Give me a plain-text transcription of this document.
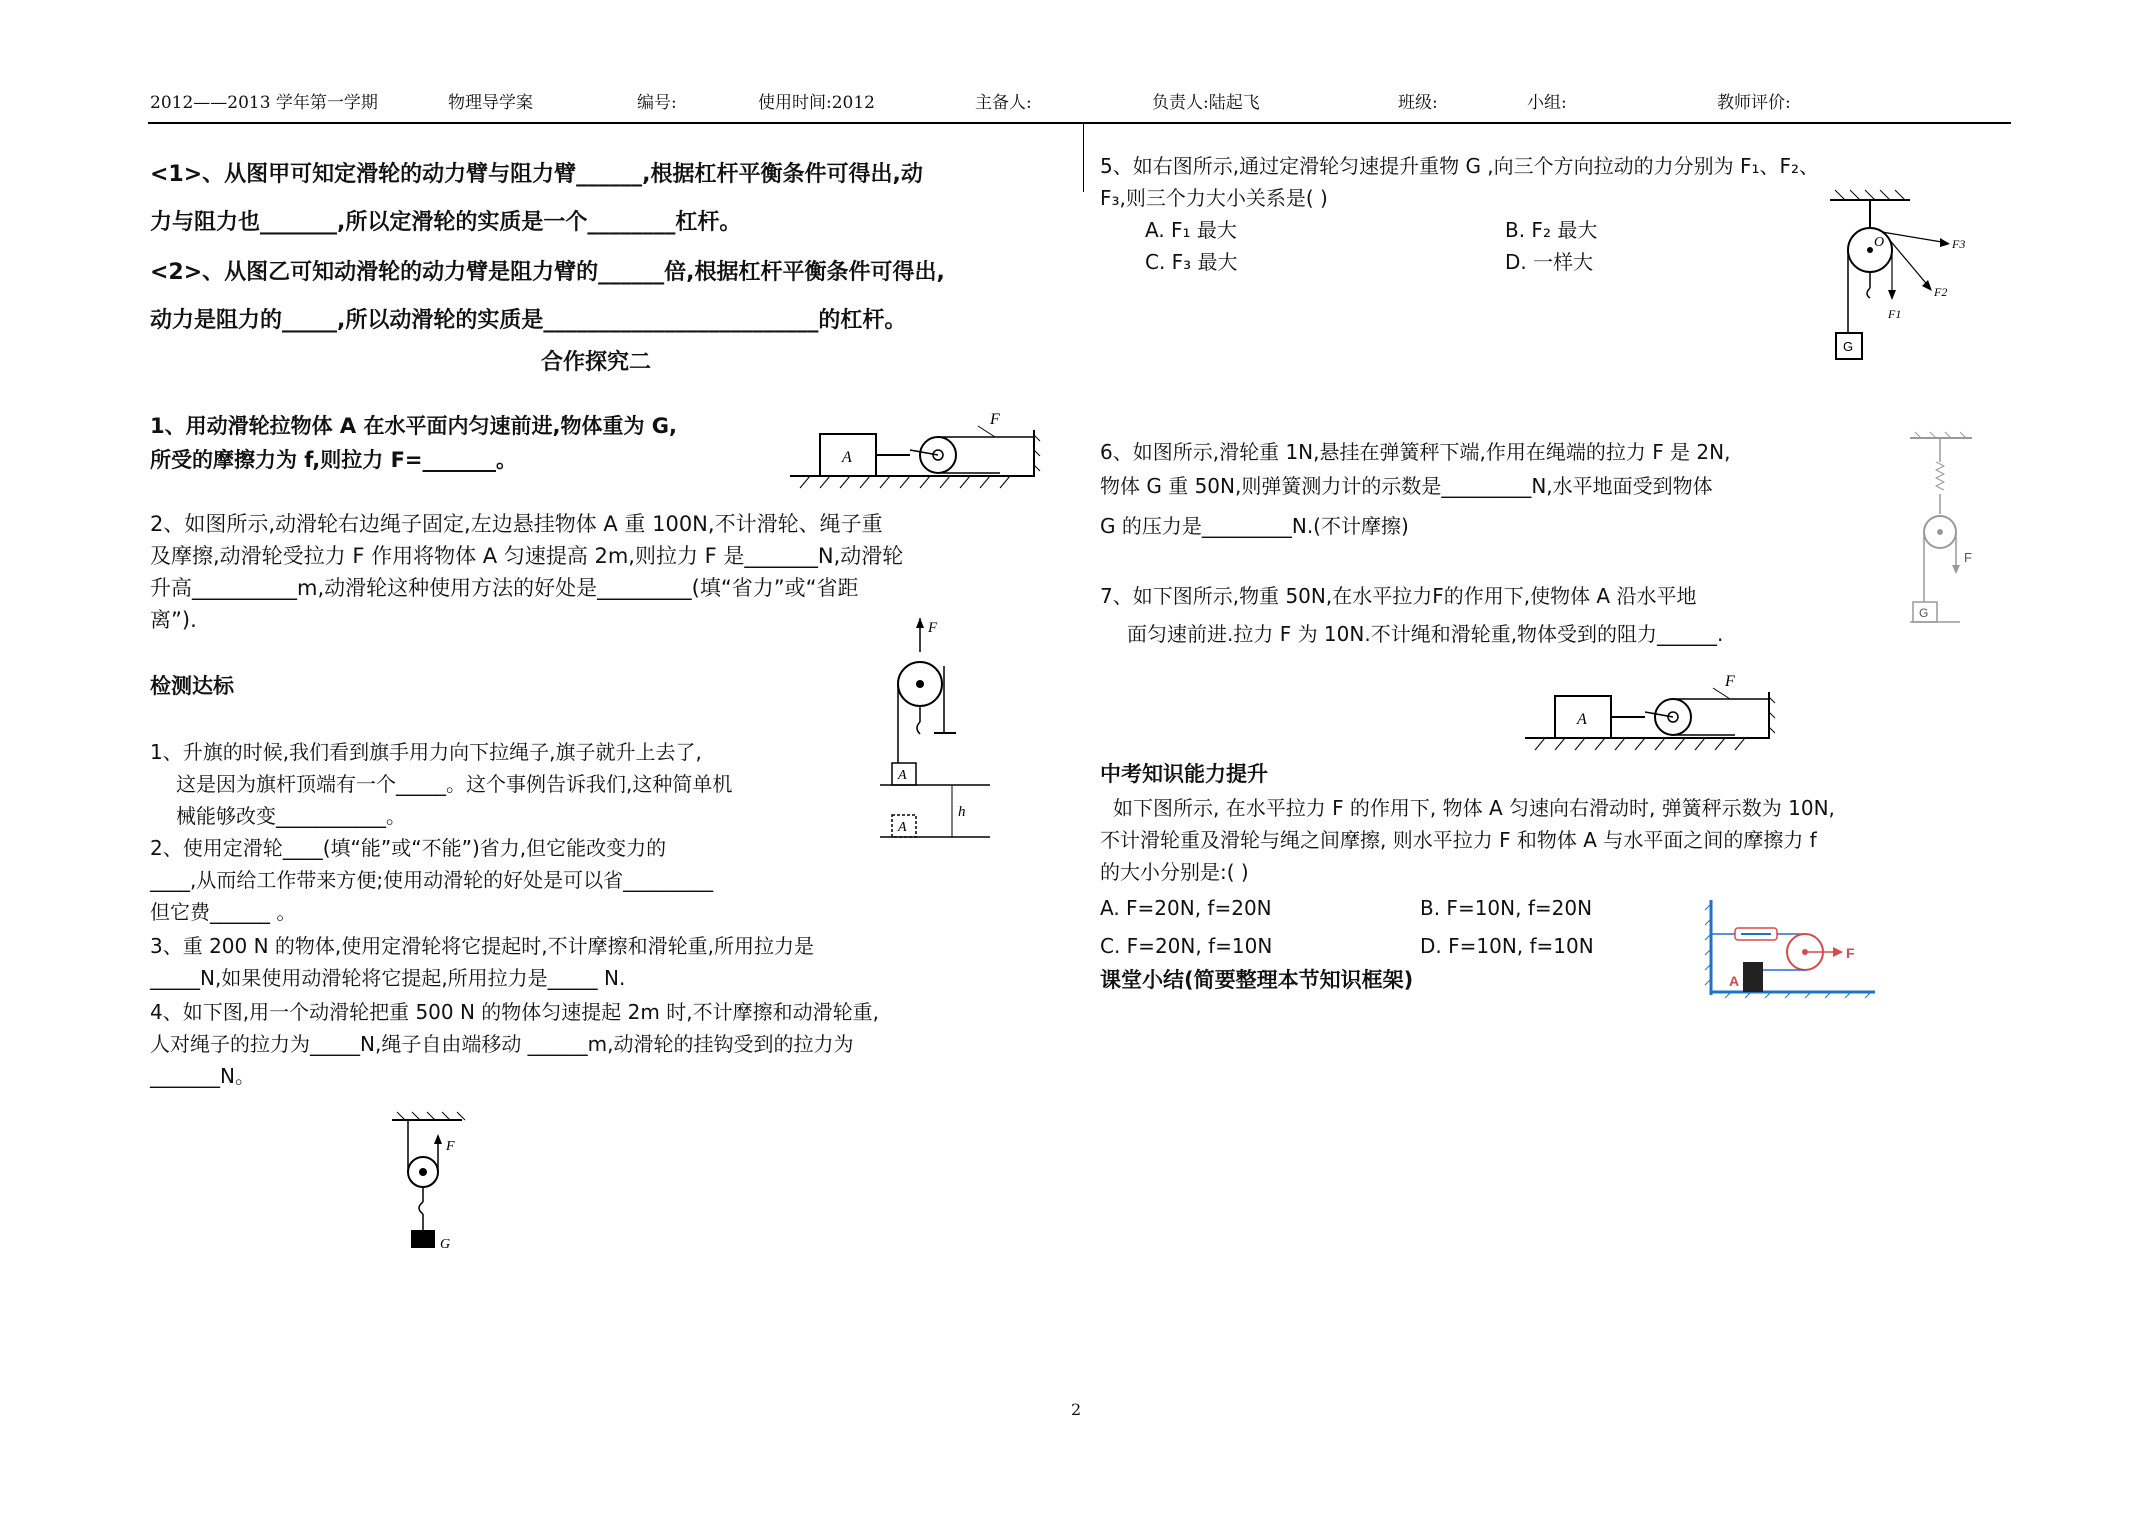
2012——2013 学年第一学期	物理导学案	编号:	使用时间:2012	主备人:	负责人:陆起飞	班级:	小组:	教师评价:
<1>、从图甲可知定滑轮的动力臂与阻力臂______,根据杠杆平衡条件可得出,动
力与阻力也_______,所以定滑轮的实质是一个________杠杆。
<2>、从图乙可知动滑轮的动力臂是阻力臂的______倍,根据杠杆平衡条件可得出,
动力是阻力的_____,所以动滑轮的实质是_________________________的杠杆。
合作探究二
1、用动滑轮拉物体 A 在水平面内匀速前进,物体重为 G,
所受的摩擦力为 f,则拉力 F=_______。
2、如图所示,动滑轮右边绳子固定,左边悬挂物体 A 重 100N,不计滑轮、绳子重
及摩擦,动滑轮受拉力 F 作用将物体 A 匀速提高 2m,则拉力 F 是_______N,动滑轮
升高__________m,动滑轮这种使用方法的好处是_________(填“省力”或“省距
离”).
检测达标
1、升旗的时候,我们看到旗手用力向下拉绳子,旗子就升上去了,
这是因为旗杆顶端有一个_____。这个事例告诉我们,这种简单机
械能够改变___________。
2、使用定滑轮____(填“能”或“不能”)省力,但它能改变力的
____,从而给工作带来方便;使用动滑轮的好处是可以省_________
但它费______ 。
3、重 200 N 的物体,使用定滑轮将它提起时,不计摩擦和滑轮重,所用拉力是
_____N,如果使用动滑轮将它提起,所用拉力是_____ N.
4、如下图,用一个动滑轮把重 500 N 的物体匀速提起 2m 时,不计摩擦和动滑轮重,
人对绳子的拉力为_____N,绳子自由端移动 ______m,动滑轮的挂钩受到的拉力为
_______N。
A
F
F
A
A
h
F
G
5、如右图所示,通过定滑轮匀速提升重物 G ,向三个方向拉动的力分别为 F₁、F₂、
F₃,则三个力大小关系是( )
A. F₁ 最大	B. F₂ 最大
C. F₃ 最大	D. 一样大
O
F1
F2
F3
G
6、如图所示,滑轮重 1N,悬挂在弹簧秤下端,作用在绳端的拉力 F 是 2N,
物体 G 重 50N,则弹簧测力计的示数是_________N,水平地面受到物体
G 的压力是_________N.(不计摩擦)
F
G
7、如下图所示,物重 50N,在水平拉力F的作用下,使物体 A 沿水平地
面匀速前进.拉力 F 为 10N.不计绳和滑轮重,物体受到的阻力______.
A
F
中考知识能力提升
如下图所示, 在水平拉力 F 的作用下, 物体 A 匀速向右滑动时, 弹簧秤示数为 10N,
不计滑轮重及滑轮与绳之间摩擦, 则水平拉力 F 和物体 A 与水平面之间的摩擦力 f
的大小分别是:( )
A. F=20N, f=20N	B. F=10N, f=20N
C. F=20N, f=10N	D. F=10N, f=10N
课堂小结(简要整理本节知识框架)
F
A
2
